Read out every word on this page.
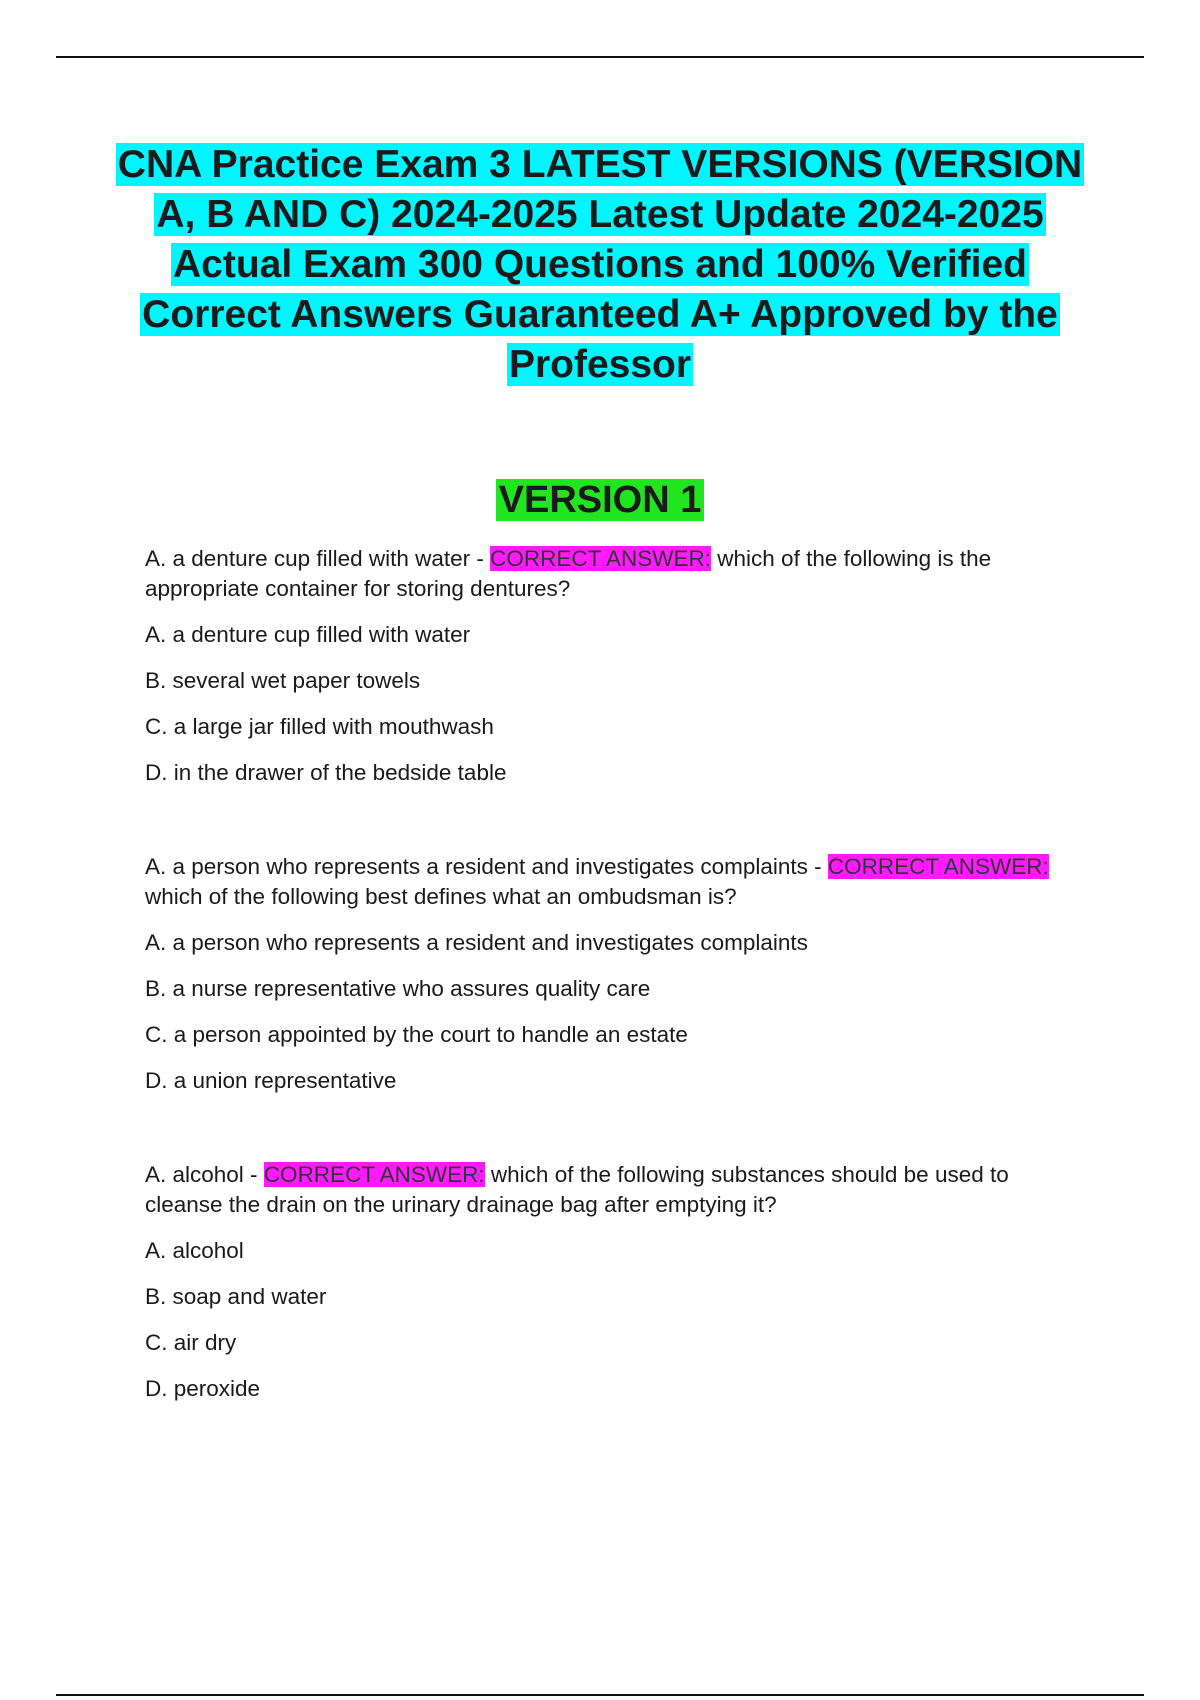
CNA Practice Exam 3 LATEST VERSIONS (VERSION A, B AND C) 2024-2025 Latest Update 2024-2025 Actual Exam 300 Questions and 100% Verified Correct Answers Guaranteed A+ Approved by the Professor
VERSION 1

A. a denture cup filled with water - CORRECT ANSWER: which of the following is the appropriate container for storing dentures?

A. a denture cup filled with water

B. several wet paper towels

C. a large jar filled with mouthwash

D. in the drawer of the bedside table

A. a person who represents a resident and investigates complaints - CORRECT ANSWER: which of the following best defines what an ombudsman is?

A. a person who represents a resident and investigates complaints

B. a nurse representative who assures quality care

C. a person appointed by the court to handle an estate

D. a union representative

A. alcohol - CORRECT ANSWER: which of the following substances should be used to cleanse the drain on the urinary drainage bag after emptying it?

A. alcohol

B. soap and water

C. air dry

D. peroxide
